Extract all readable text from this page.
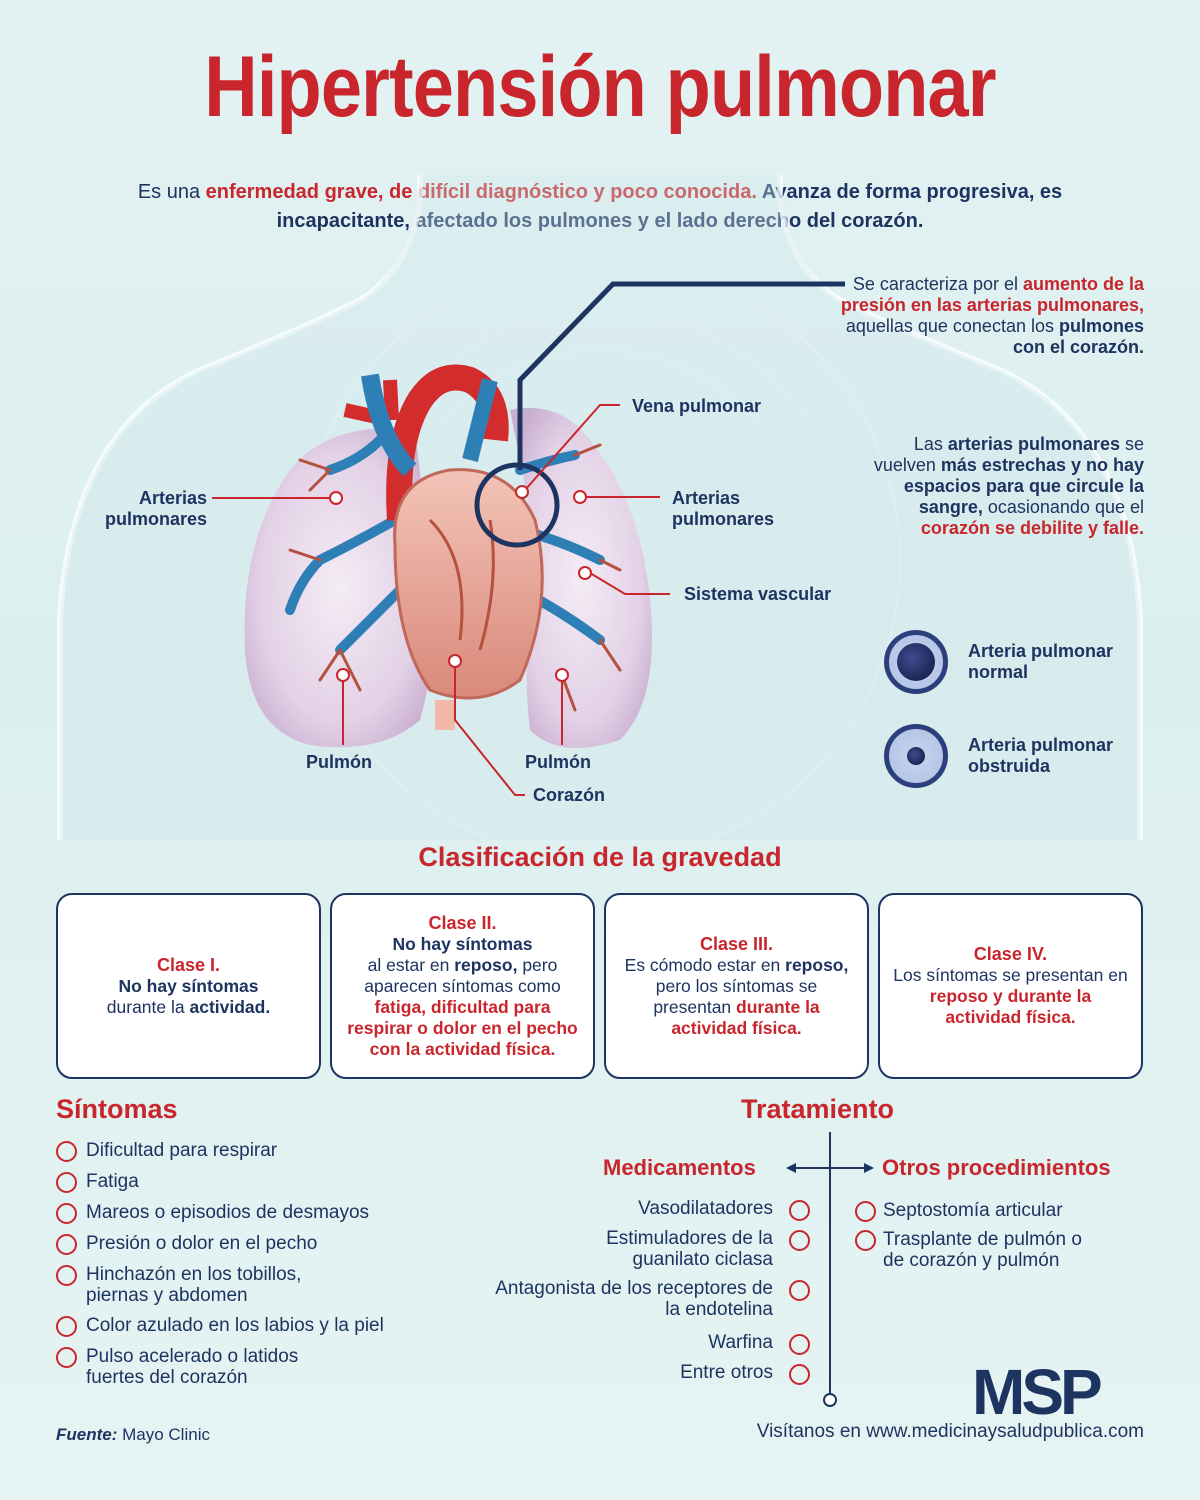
Hipertensión pulmonar
Es una enfermedad grave, de difícil diagnóstico y poco conocida. Avanza de forma progresiva, es incapacitante, afectado los pulmones y el lado derecho del corazón.
Se caracteriza por el aumento de la presión en las arterias pulmonares, aquellas que conectan los pulmones con el corazón.
Las arterias pulmonares se vuelven más estrechas y no hay espacios para que circule la sangre, ocasionando que el corazón se debilite y falle.
Arterias pulmonares
Vena pulmonar
Arterias pulmonares
Sistema vascular
Pulmón	Pulmón
Corazón
Arteria pulmonar normal
Arteria pulmonar obstruida
Clasificación de la gravedad
Clase I.
No hay síntomas
durante la actividad.
Clase II.
No hay síntomas
al estar en reposo, pero aparecen síntomas como fatiga, dificultad para respirar o dolor en el pecho con la actividad física.
Clase III.
Es cómodo estar en reposo, pero los síntomas se presentan durante la actividad física.
Clase IV.
Los síntomas se presentan en reposo y durante la actividad física.
Síntomas
Dificultad para respirar
Fatiga
Mareos o episodios de desmayos
Presión o dolor en el pecho
Hinchazón en los tobillos, piernas y abdomen
Color azulado en los labios y la piel
Pulso acelerado o latidos fuertes del corazón
Tratamiento
Medicamentos	Otros procedimientos
Vasodilatadores
Estimuladores de la guanilato ciclasa
Antagonista de los receptores de la endotelina
Warfina
Entre otros
Septostomía articular
Trasplante de pulmón o de corazón y pulmón
Fuente: Mayo Clinic
MSP
Visítanos en www.medicinaysaludpublica.com
